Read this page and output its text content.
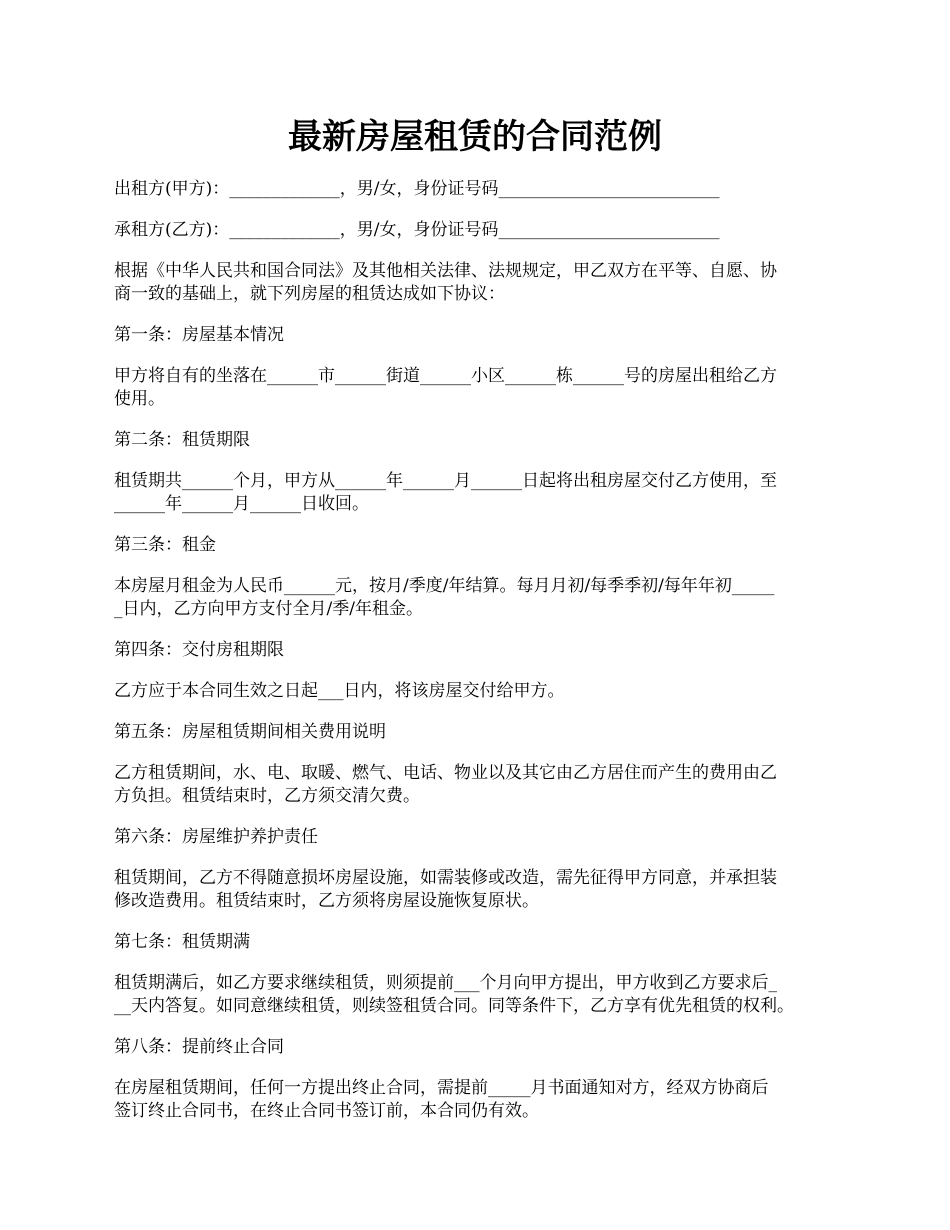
最新房屋租赁的合同范例

出租方(甲方)：_____________，男/女，身份证号码__________________________

承租方(乙方)：_____________，男/女，身份证号码__________________________

根据《中华人民共和国合同法》及其他相关法律、法规规定，甲乙双方在平等、自愿、协

商一致的基础上，就下列房屋的租赁达成如下协议：

第一条：房屋基本情况

甲方将自有的坐落在______市______街道______小区______栋______号的房屋出租给乙方

使用。

第二条：租赁期限

租赁期共______个月，甲方从______年______月______日起将出租房屋交付乙方使用，至

______年______月______日收回。

第三条：租金

本房屋月租金为人民币______元，按月/季度/年结算。每月月初/每季季初/每年年初_____

_日内，乙方向甲方支付全月/季/年租金。

第四条：交付房租期限

乙方应于本合同生效之日起___日内，将该房屋交付给甲方。

第五条：房屋租赁期间相关费用说明

乙方租赁期间，水、电、取暖、燃气、电话、物业以及其它由乙方居住而产生的费用由乙

方负担。租赁结束时，乙方须交清欠费。

第六条：房屋维护养护责任

租赁期间，乙方不得随意损坏房屋设施，如需装修或改造，需先征得甲方同意，并承担装

修改造费用。租赁结束时，乙方须将房屋设施恢复原状。

第七条：租赁期满

租赁期满后，如乙方要求继续租赁，则须提前___个月向甲方提出，甲方收到乙方要求后_

__天内答复。如同意继续租赁，则续签租赁合同。同等条件下，乙方享有优先租赁的权利。

第八条：提前终止合同

在房屋租赁期间，任何一方提出终止合同，需提前_____月书面通知对方，经双方协商后

签订终止合同书，在终止合同书签订前，本合同仍有效。
